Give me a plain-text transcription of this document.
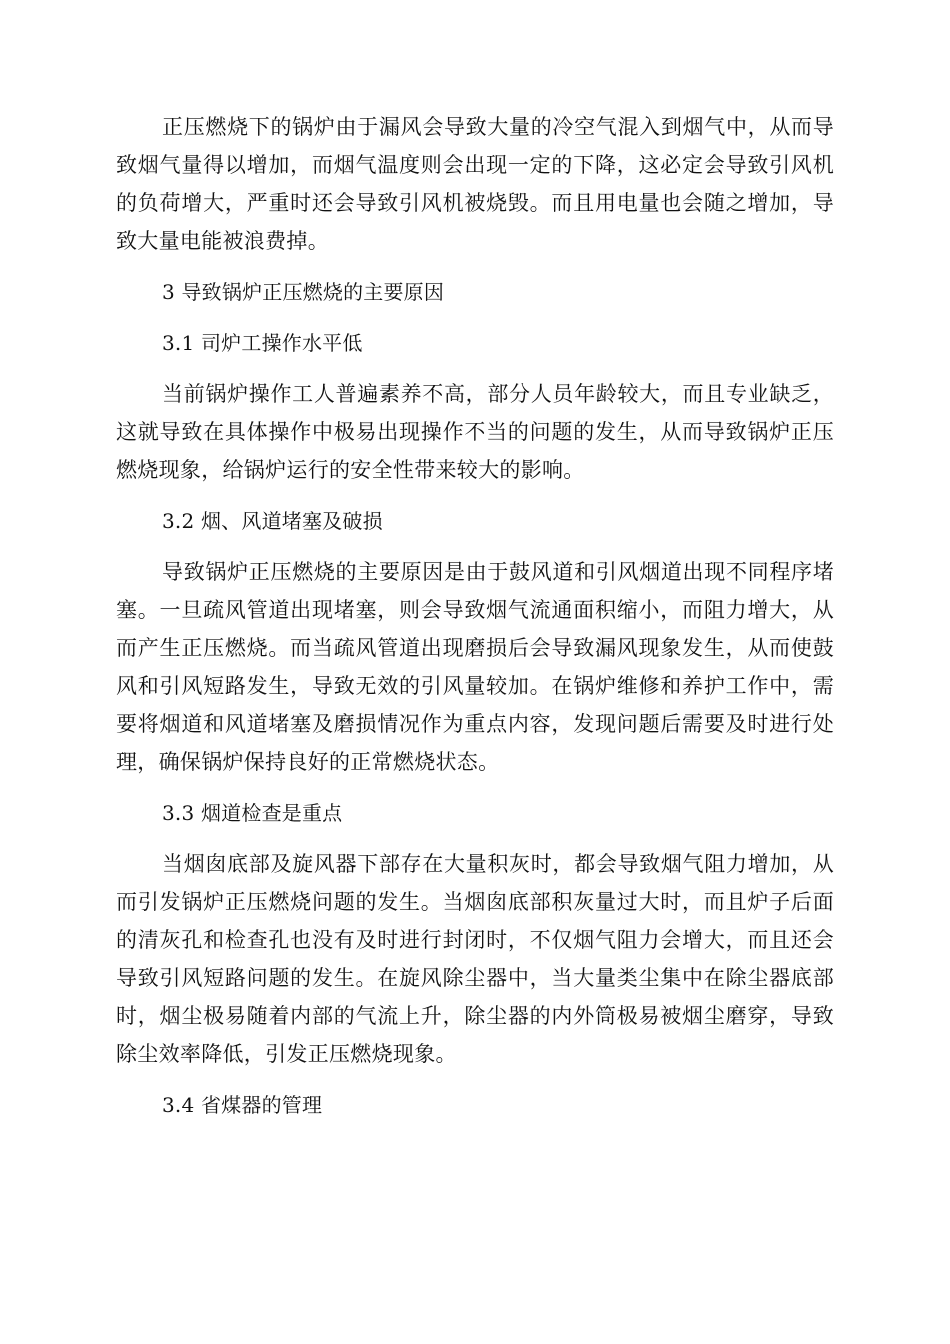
正压燃烧下的锅炉由于漏风会导致大量的冷空气混入到烟气中，从而导致烟气量得以增加，而烟气温度则会出现一定的下降，这必定会导致引风机的负荷增大，严重时还会导致引风机被烧毁。而且用电量也会随之增加，导致大量电能被浪费掉。

3 导致锅炉正压燃烧的主要原因

3.1 司炉工操作水平低

当前锅炉操作工人普遍素养不高，部分人员年龄较大，而且专业缺乏，这就导致在具体操作中极易出现操作不当的问题的发生，从而导致锅炉正压燃烧现象，给锅炉运行的安全性带来较大的影响。

3.2 烟、风道堵塞及破损

导致锅炉正压燃烧的主要原因是由于鼓风道和引风烟道出现不同程序堵塞。一旦疏风管道出现堵塞，则会导致烟气流通面积缩小，而阻力增大，从而产生正压燃烧。而当疏风管道出现磨损后会导致漏风现象发生，从而使鼓风和引风短路发生，导致无效的引风量较加。在锅炉维修和养护工作中，需要将烟道和风道堵塞及磨损情况作为重点内容，发现问题后需要及时进行处理，确保锅炉保持良好的正常燃烧状态。

3.3 烟道检查是重点

当烟囱底部及旋风器下部存在大量积灰时，都会导致烟气阻力增加，从而引发锅炉正压燃烧问题的发生。当烟囱底部积灰量过大时，而且炉子后面的清灰孔和检查孔也没有及时进行封闭时，不仅烟气阻力会增大，而且还会导致引风短路问题的发生。在旋风除尘器中，当大量类尘集中在除尘器底部时，烟尘极易随着内部的气流上升，除尘器的内外筒极易被烟尘磨穿，导致除尘效率降低，引发正压燃烧现象。

3.4 省煤器的管理
